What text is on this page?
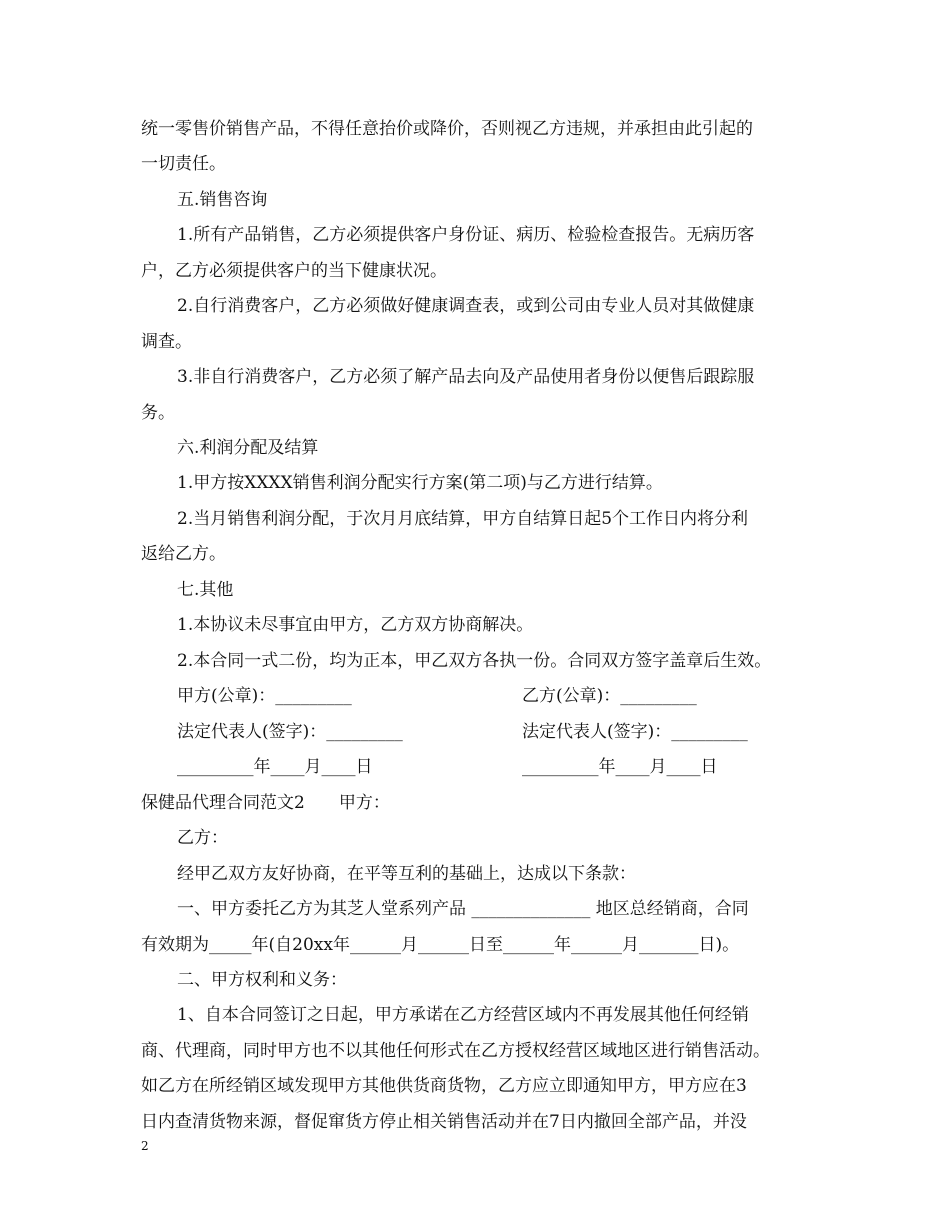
统一零售价销售产品，不得任意抬价或降价，否则视乙方违规，并承担由此引起的
一切责任。
五.销售咨询
1.所有产品销售，乙方必须提供客户身份证、病历、检验检查报告。无病历客
户，乙方必须提供客户的当下健康状况。
2.自行消费客户，乙方必须做好健康调查表，或到公司由专业人员对其做健康
调查。
3.非自行消费客户，乙方必须了解产品去向及产品使用者身份以便售后跟踪服
务。
六.利润分配及结算
1.甲方按XXXX销售利润分配实行方案(第二项)与乙方进行结算。
2.当月销售利润分配，于次月月底结算，甲方自结算日起5个工作日内将分利
返给乙方。
七.其他
1.本协议未尽事宜由甲方，乙方双方协商解决。
2.本合同一式二份，均为正本，甲乙双方各执一份。合同双方签字盖章后生效。
甲方(公章)：_________	乙方(公章)：_________
法定代表人(签字)：_________	法定代表人(签字)：_________
_________年____月____日	_________年____月____日
保健品代理合同范文2　　甲方：
乙方：
经甲乙双方友好协商，在平等互利的基础上，达成以下条款：
一、甲方委托乙方为其芝人堂系列产品 ______________ 地区总经销商，合同
有效期为_____年(自20xx年______月______日至______年______月_______日)。
二、甲方权利和义务：
1、自本合同签订之日起，甲方承诺在乙方经营区域内不再发展其他任何经销
商、代理商，同时甲方也不以其他任何形式在乙方授权经营区域地区进行销售活动。
如乙方在所经销区域发现甲方其他供货商货物，乙方应立即通知甲方，甲方应在3
日内查清货物来源，督促窜货方停止相关销售活动并在7日内撤回全部产品，并没
2
